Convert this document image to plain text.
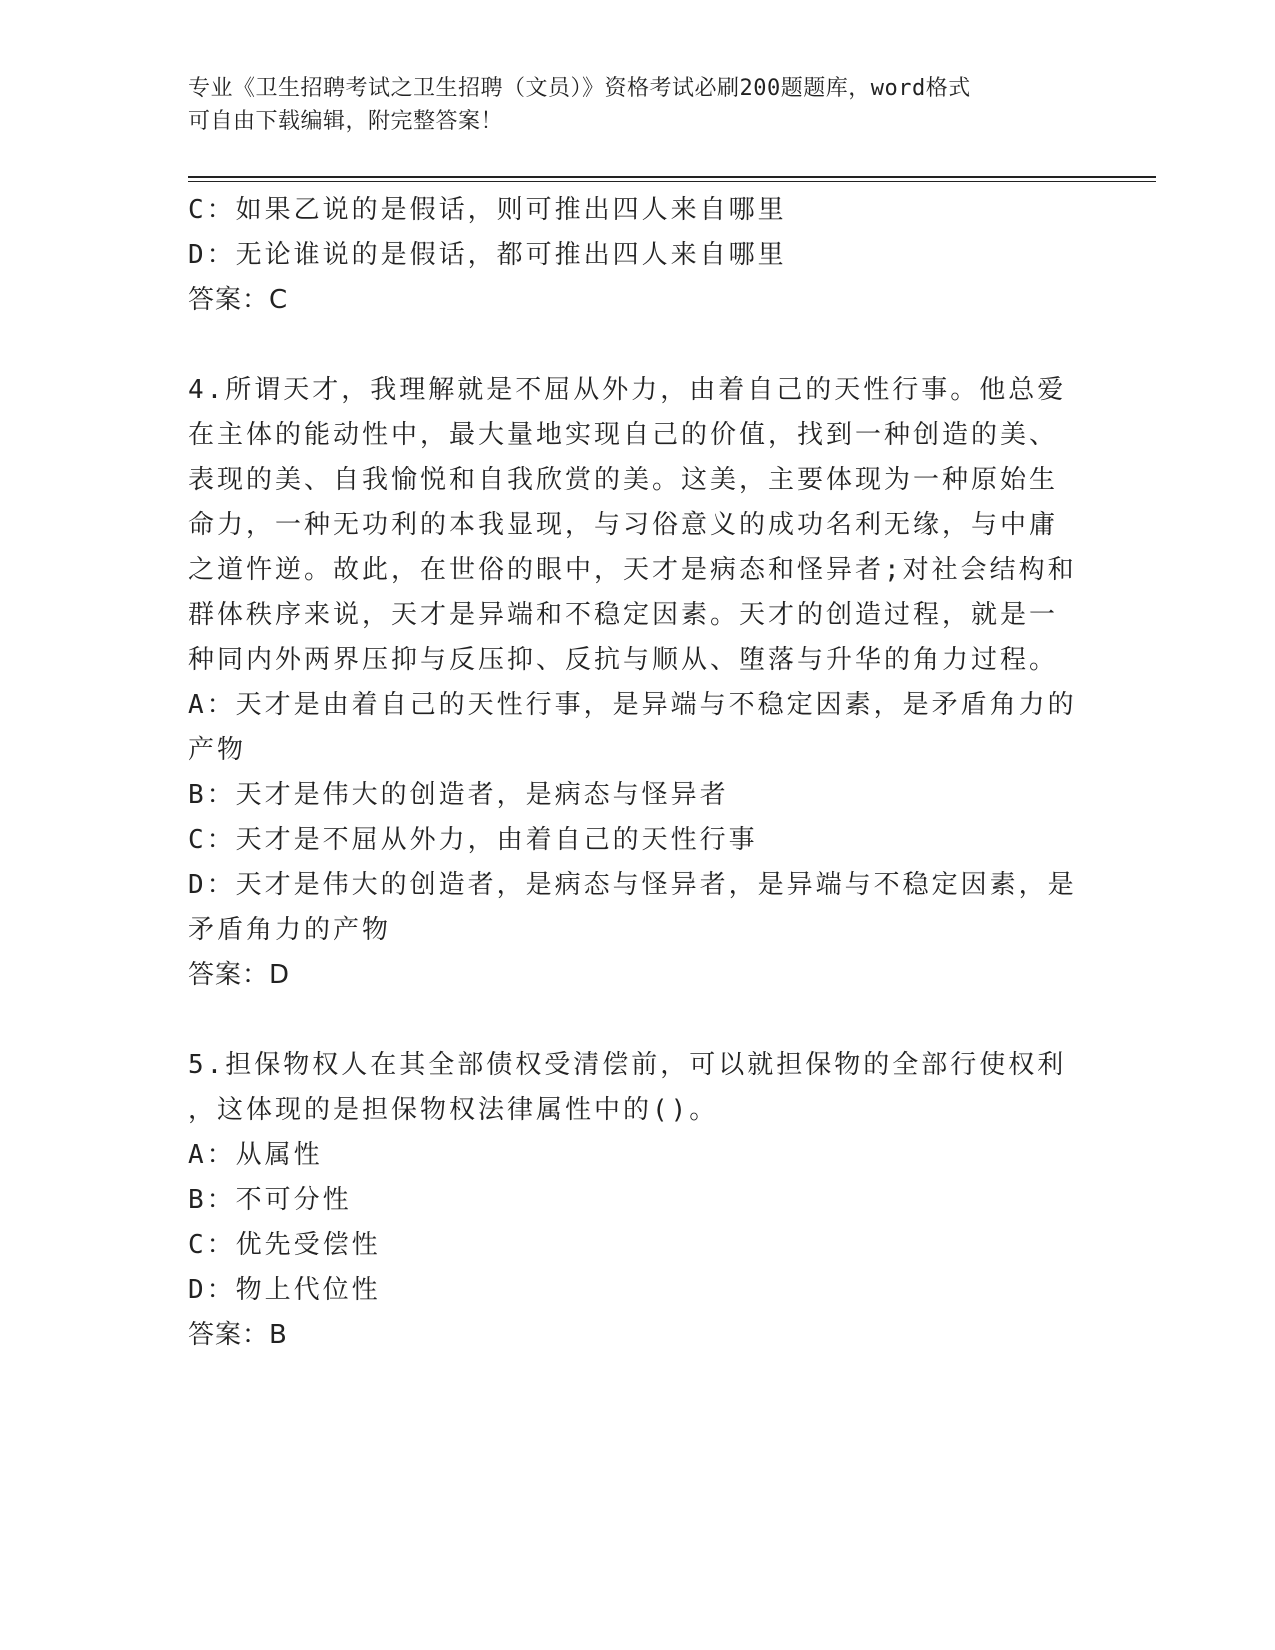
专业《卫生招聘考试之卫生招聘（文员）》资格考试必刷200题题库，word格式
可自由下载编辑，附完整答案！
C：如果乙说的是假话，则可推出四人来自哪里
D：无论谁说的是假话，都可推出四人来自哪里
答案：C
4.所谓天才，我理解就是不屈从外力，由着自己的天性行事。他总爱
在主体的能动性中，最大量地实现自己的价值，找到一种创造的美、
表现的美、自我愉悦和自我欣赏的美。这美，主要体现为一种原始生
命力，一种无功利的本我显现，与习俗意义的成功名利无缘，与中庸
之道忤逆。故此，在世俗的眼中，天才是病态和怪异者;对社会结构和
群体秩序来说，天才是异端和不稳定因素。天才的创造过程，就是一
种同内外两界压抑与反压抑、反抗与顺从、堕落与升华的角力过程。
A：天才是由着自己的天性行事，是异端与不稳定因素，是矛盾角力的
产物
B：天才是伟大的创造者，是病态与怪异者
C：天才是不屈从外力，由着自己的天性行事
D：天才是伟大的创造者，是病态与怪异者，是异端与不稳定因素，是
矛盾角力的产物
答案：D
5.担保物权人在其全部债权受清偿前，可以就担保物的全部行使权利
，这体现的是担保物权法律属性中的()。
A：从属性
B：不可分性
C：优先受偿性
D：物上代位性
答案：B
